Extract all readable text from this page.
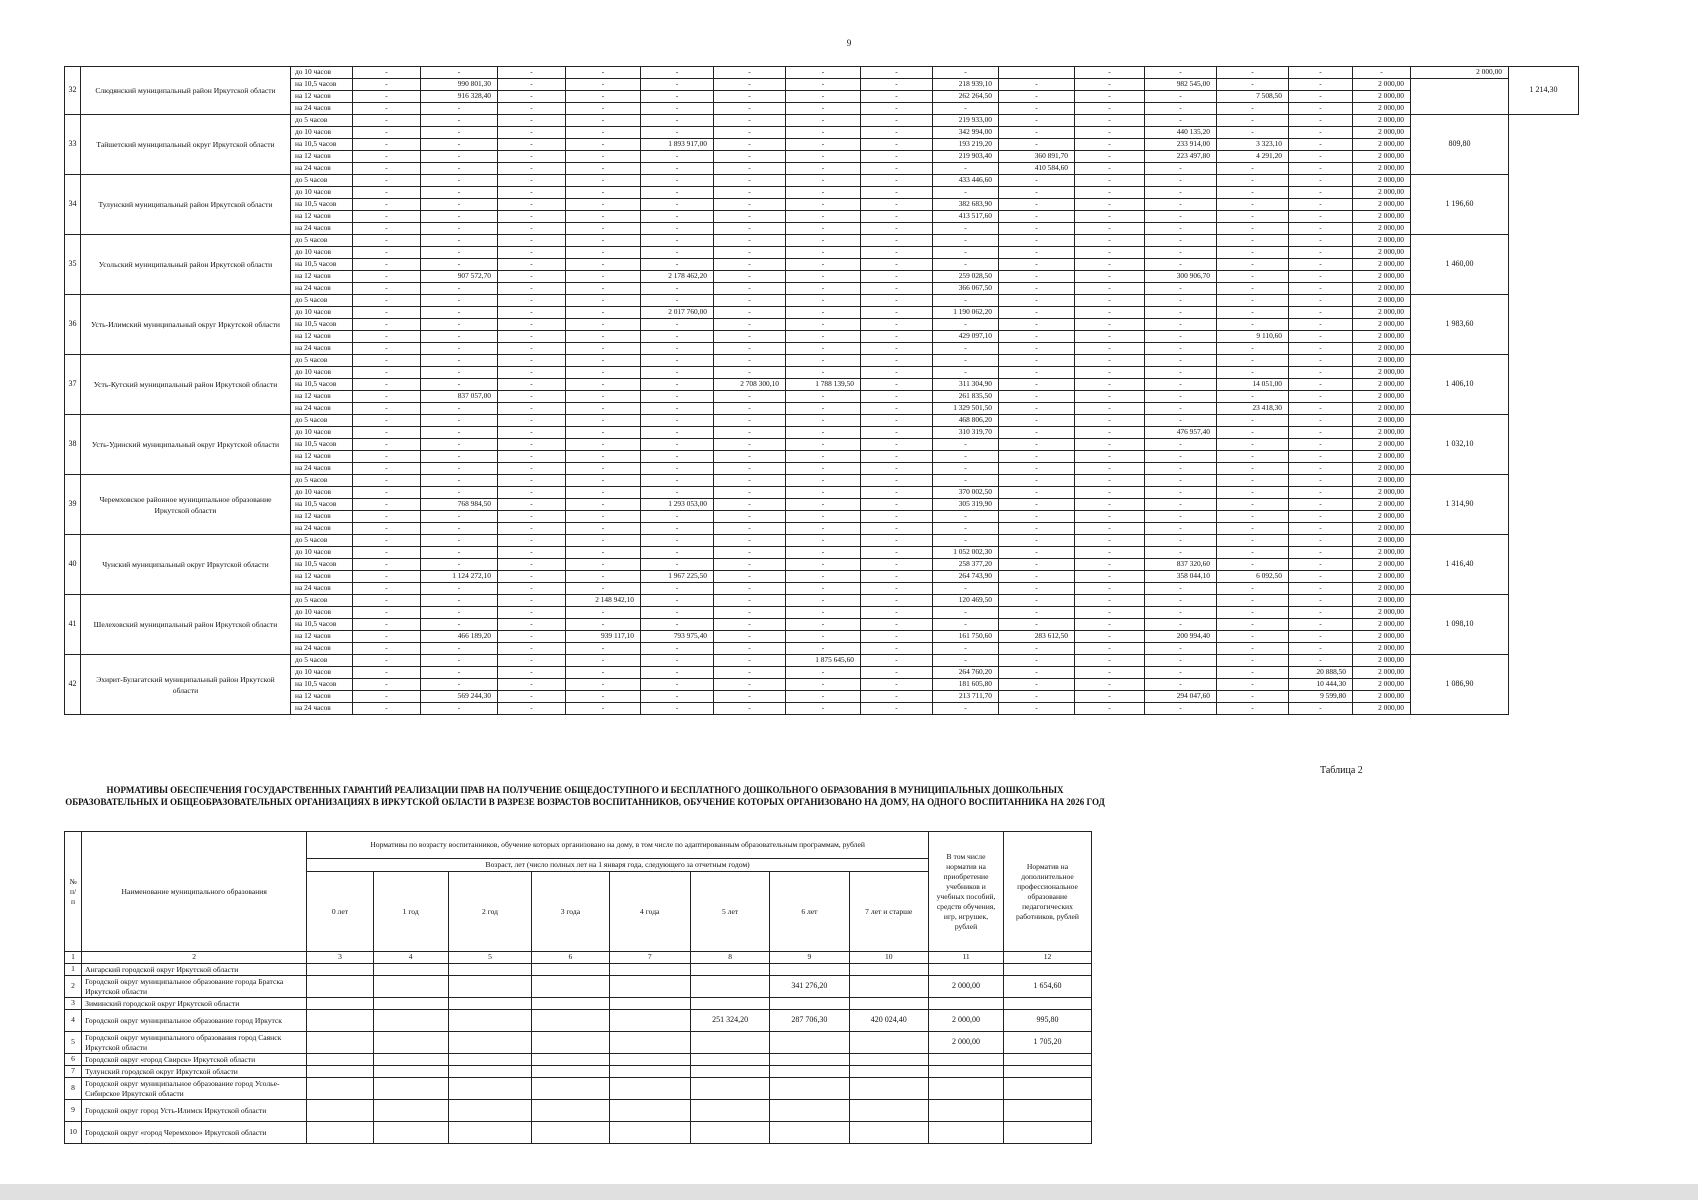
9
32	Слюдянский муниципальный район Иркутской области	до 10 часов	-	-	-	-	-	-	-	-	-		-	-	-	-	-	2 000,00	1 214,30
		на 10,5 часов	-	990 801,30	-	-	-	-	-	-	218 939,10	-	-	982 545,00	-	-	2 000,00		
		на 12 часов	-	916 328,40	-	-	-	-	-	-	262 264,50	-	-	-	7 508,50	-	2 000,00		
		на 24 часов	-	-	-	-	-	-	-	-	-	-	-	-	-	-	2 000,00		
33	Тайшетский муниципальный округ Иркутской области	до 5 часов	-	-	-	-	-	-	-	-	219 933,00	-	-	-	-	-	2 000,00	809,80	
		до 10 часов	-	-	-	-	-	-	-	-	342 994,00	-	-	440 135,20	-	-	2 000,00		
		на 10,5 часов	-	-	-	-	1 893 917,00	-	-	-	193 219,20	-	-	233 914,00	3 323,10	-	2 000,00		
		на 12 часов	-	-	-	-	-	-	-	-	219 903,40	360 891,70	-	223 497,80	4 291,20	-	2 000,00		
		на 24 часов	-	-	-	-	-	-	-	-	-	410 584,60	-	-	-	-	2 000,00		
34	Тулунский муниципальный район Иркутской области	до 5 часов	-	-	-	-	-	-	-	-	433 446,60	-	-	-	-	-	2 000,00	1 196,60	
		до 10 часов	-	-	-	-	-	-	-	-	-	-	-	-	-	-	2 000,00		
		на 10,5 часов	-	-	-	-	-	-	-	-	382 683,90	-	-	-	-	-	2 000,00		
		на 12 часов	-	-	-	-	-	-	-	-	413 517,60	-	-	-	-	-	2 000,00		
		на 24 часов	-	-	-	-	-	-	-	-	-	-	-	-	-	-	2 000,00		
35	Усольский муниципальный район Иркутской области	до 5 часов	-	-	-	-	-	-	-	-	-	-	-	-	-	-	2 000,00	1 460,00	
		до 10 часов	-	-	-	-	-	-	-	-	-	-	-	-	-	-	2 000,00		
		на 10,5 часов	-	-	-	-	-	-	-	-	-	-	-	-	-	-	2 000,00		
		на 12 часов	-	907 572,70	-	-	2 178 462,20	-	-	-	259 028,50	-	-	300 906,70	-	-	2 000,00		
		на 24 часов	-	-	-	-	-	-	-	-	366 067,50	-	-	-	-	-	2 000,00		
36	Усть-Илимский муниципальный округ Иркутской области	до 5 часов	-	-	-	-	-	-	-	-	-	-	-	-	-	-	2 000,00	1 983,60	
		до 10 часов	-	-	-	-	2 017 760,00	-	-	-	1 190 062,20	-	-	-	-	-	2 000,00		
		на 10,5 часов	-	-	-	-	-	-	-	-	-	-	-	-	-	-	2 000,00		
		на 12 часов	-	-	-	-	-	-	-	-	429 097,10	-	-	-	9 110,60	-	2 000,00		
		на 24 часов	-	-	-	-	-	-	-	-	-	-	-	-	-	-	2 000,00		
37	Усть-Кутский муниципальный район Иркутской области	до 5 часов	-	-	-	-	-	-	-	-	-	-	-	-	-	-	2 000,00	1 406,10	
		до 10 часов	-	-	-	-	-	-	-	-	-	-	-	-	-	-	2 000,00		
		на 10,5 часов	-	-	-	-	-	2 708 300,10	1 788 139,50	-	311 304,90	-	-	-	14 051,00	-	2 000,00		
		на 12 часов	-	837 057,00	-	-	-	-	-	-	261 835,50	-	-	-	-	-	2 000,00		
		на 24 часов	-	-	-	-	-	-	-	-	1 329 501,50	-	-	-	23 418,30	-	2 000,00		
38	Усть-Удинский муниципальный округ Иркутской области	до 5 часов	-	-	-	-	-	-	-	-	468 806,20	-	-	-	-	-	2 000,00	1 032,10	
		до 10 часов	-	-	-	-	-	-	-	-	310 319,70	-	-	476 957,40	-	-	2 000,00		
		на 10,5 часов	-	-	-	-	-	-	-	-	-	-	-	-	-	-	2 000,00		
		на 12 часов	-	-	-	-	-	-	-	-	-	-	-	-	-	-	2 000,00		
		на 24 часов	-	-	-	-	-	-	-	-	-	-	-	-	-	-	2 000,00		
39	Черемховское районное муниципальное образование Иркутской области	до 5 часов	-	-	-	-	-	-	-	-	-	-	-	-	-	-	2 000,00	1 314,90	
		до 10 часов	-	-	-	-	-	-	-	-	370 002,50	-	-	-	-	-	2 000,00		
		на 10,5 часов	-	768 984,50	-	-	1 293 053,00	-	-	-	305 319,90	-	-	-	-	-	2 000,00		
		на 12 часов	-	-	-	-	-	-	-	-	-	-	-	-	-	-	2 000,00		
		на 24 часов	-	-	-	-	-	-	-	-	-	-	-	-	-	-	2 000,00		
40	Чунский муниципальный округ Иркутской области	до 5 часов	-	-	-	-	-	-	-	-	-	-	-	-	-	-	2 000,00	1 416,40	
		до 10 часов	-	-	-	-	-	-	-	-	1 052 002,30	-	-	-	-	-	2 000,00		
		на 10,5 часов	-	-	-	-	-	-	-	-	258 377,20	-	-	837 320,60	-	-	2 000,00		
		на 12 часов	-	1 124 272,10	-	-	1 967 225,50	-	-	-	264 743,90	-	-	358 044,10	6 092,50	-	2 000,00		
		на 24 часов	-	-	-	-	-	-	-	-	-	-	-	-	-	-	2 000,00		
41	Шелеховский муниципальный район Иркутской области	до 5 часов	-	-	-	2 148 942,10	-	-	-	-	120 469,50	-	-	-	-	-	2 000,00	1 098,10	
		до 10 часов	-	-	-	-	-	-	-	-	-	-	-	-	-	-	2 000,00		
		на 10,5 часов	-	-	-	-	-	-	-	-	-	-	-	-	-	-	2 000,00		
		на 12 часов	-	466 189,20	-	939 117,10	793 975,40	-	-	-	161 750,60	283 612,50	-	200 994,40	-	-	2 000,00		
		на 24 часов	-	-	-	-	-	-	-	-	-	-	-	-	-	-	2 000,00		
42	Эхирит-Булагатский муниципальный район Иркутской области	до 5 часов	-	-	-	-	-	-	1 875 645,60	-	-	-	-	-	-	-	2 000,00	1 086,90	
		до 10 часов	-	-	-	-	-	-	-	-	264 760,20	-	-	-	-	20 888,50	2 000,00		
		на 10,5 часов	-	-	-	-	-	-	-	-	181 605,80	-	-	-	-	10 444,30	2 000,00		
		на 12 часов	-	569 244,30	-	-	-	-	-	-	213 711,70	-	-	294 047,60	-	9 599,80	2 000,00		
		на 24 часов	-	-	-	-	-	-	-	-	-	-	-	-	-	-	2 000,00		
Таблица 2
НОРМАТИВЫ ОБЕСПЕЧЕНИЯ ГОСУДАРСТВЕННЫХ ГАРАНТИЙ РЕАЛИЗАЦИИ ПРАВ НА ПОЛУЧЕНИЕ ОБЩЕДОСТУПНОГО И БЕСПЛАТНОГО ДОШКОЛЬНОГО ОБРАЗОВАНИЯ В МУНИЦИПАЛЬНЫХ ДОШКОЛЬНЫХ ОБРАЗОВАТЕЛЬНЫХ И ОБЩЕОБРАЗОВАТЕЛЬНЫХ ОРГАНИЗАЦИЯХ В ИРКУТСКОЙ ОБЛАСТИ В РАЗРЕЗЕ ВОЗРАСТОВ ВОСПИТАННИКОВ, ОБУЧЕНИЕ КОТОРЫХ ОРГАНИЗОВАНО НА ДОМУ, НА ОДНОГО ВОСПИТАННИКА НА 2026 ГОД
№ п/п	Наименование муниципального образования	Нормативы по возрасту воспитанников, обучение которых организовано на дому, в том числе по адаптированным образовательным программам, рублей								В том числе норматив на приобретение учебников и учебных пособий, средств обучения, игр, игрушек, рублей	Норматив на дополнительное профессиональное образование педагогических работников, рублей
		Возраст, лет (число полных лет на 1 января года, следующего за отчетным годом)									
		0 лет	1 год	2 год	3 года	4 года	5 лет	6 лет	7 лет и старше		
1	2	3	4	5	6	7	8	9	10	11	12
1	Ангарский городской округ Иркутской области										
2	Городской округ муниципальное образование города Братска Иркутской области							341 276,20		2 000,00	1 654,60
3	Зиминский городской округ Иркутской области										
4	Городской округ муниципальное образование город Иркутск						251 324,20	287 706,30	420 024,40	2 000,00	995,80
5	Городской округ муниципального образования город Саянск Иркутской области									2 000,00	1 705,20
6	Городской округ «город Свирск» Иркутской области										
7	Тулунский городской округ Иркутской области										
8	Городской округ муниципальное образование город Усолье-Сибирское Иркутской области										
9	Городской округ город Усть-Илимск Иркутской области										
10	Городской округ «город Черемхово» Иркутской области										
